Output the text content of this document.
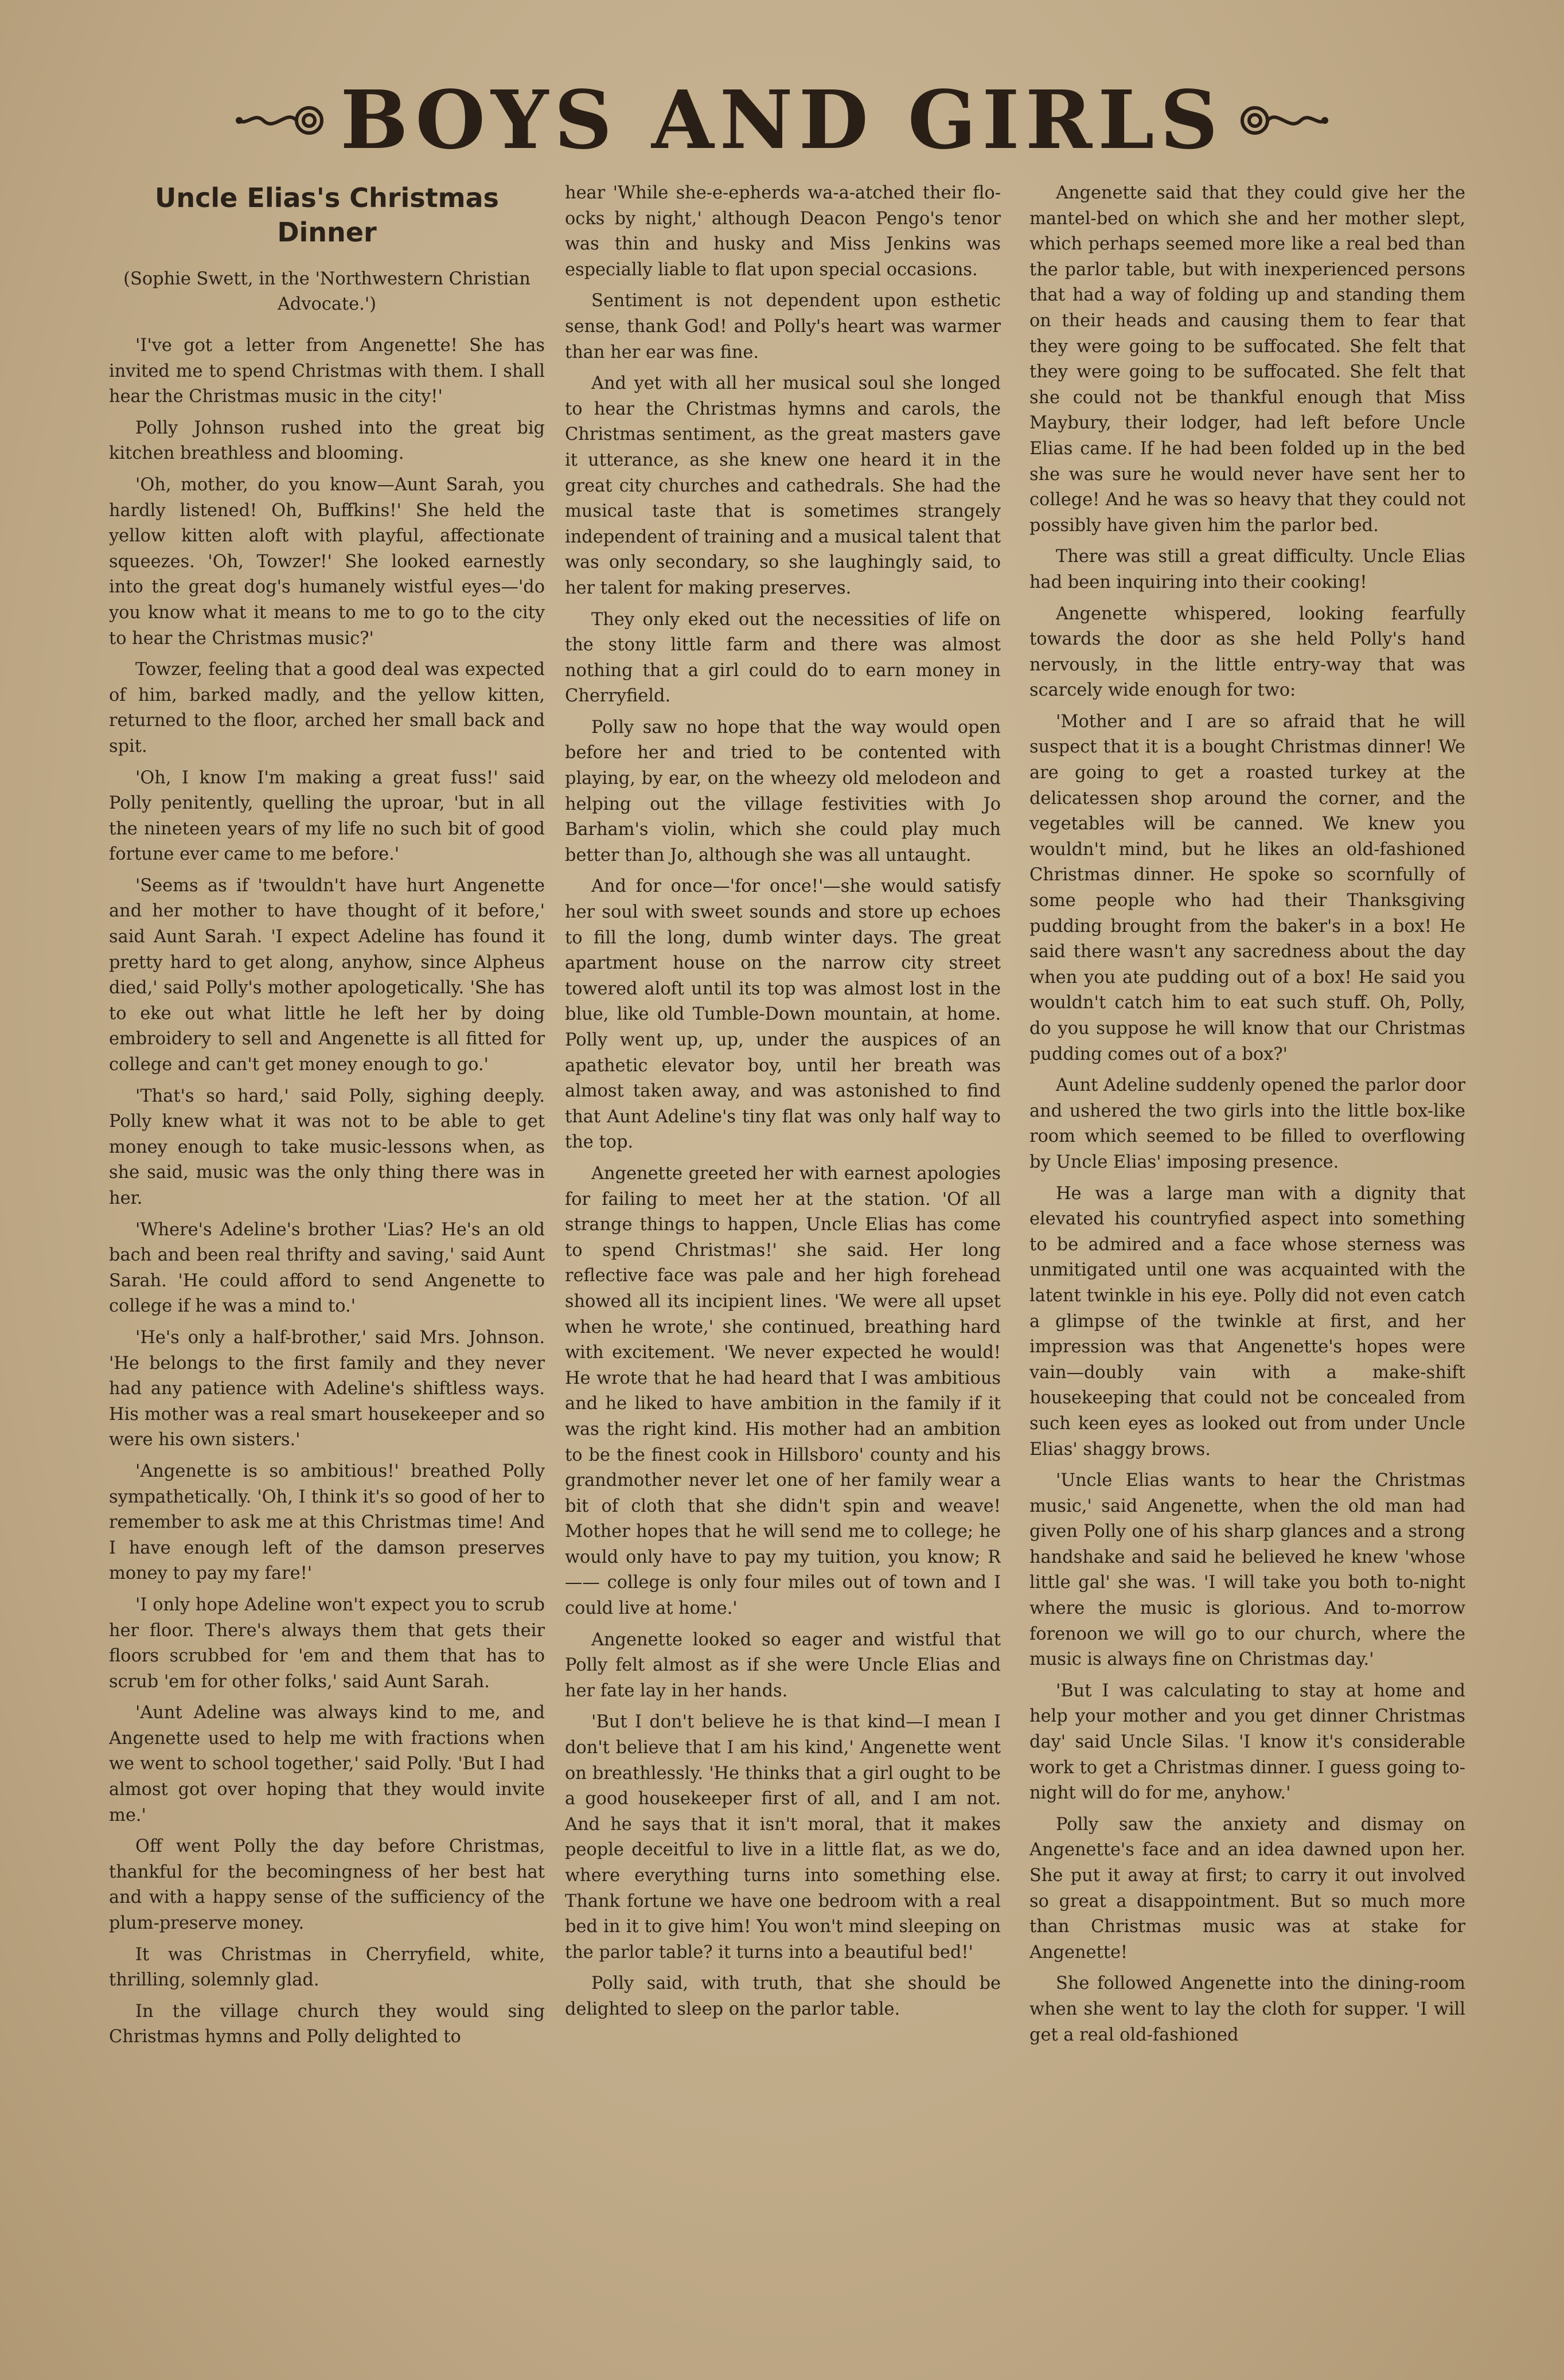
BOYS AND GIRLS
Uncle Elias's Christmas Dinner
(Sophie Swett, in the 'Northwestern Christian Advocate.')

'I've got a letter from Angenette! She has invited me to spend Christmas with them. I shall hear the Christmas music in the city!'

Polly Johnson rushed into the great big kitchen breathless and blooming.

'Oh, mother, do you know—Aunt Sarah, you hardly listened! Oh, Buffkins!' She held the yellow kitten aloft with playful, affectionate squeezes. 'Oh, Towzer!' She looked earnestly into the great dog's humanely wistful eyes—'do you know what it means to me to go to the city to hear the Christmas music?'

Towzer, feeling that a good deal was expected of him, barked madly, and the yellow kitten, returned to the floor, arched her small back and spit.

'Oh, I know I'm making a great fuss!' said Polly penitently, quelling the uproar, 'but in all the nineteen years of my life no such bit of good fortune ever came to me before.'

'Seems as if 'twouldn't have hurt Angenette and her mother to have thought of it before,' said Aunt Sarah. 'I expect Adeline has found it pretty hard to get along, anyhow, since Alpheus died,' said Polly's mother apologetically. 'She has to eke out what little he left her by doing embroidery to sell and Angenette is all fitted for college and can't get money enough to go.'

'That's so hard,' said Polly, sighing deeply. Polly knew what it was not to be able to get money enough to take music-lessons when, as she said, music was the only thing there was in her.

'Where's Adeline's brother 'Lias? He's an old bach and been real thrifty and saving,' said Aunt Sarah. 'He could afford to send Angenette to college if he was a mind to.'

'He's only a half-brother,' said Mrs. Johnson. 'He belongs to the first family and they never had any patience with Adeline's shiftless ways. His mother was a real smart housekeeper and so were his own sisters.'

'Angenette is so ambitious!' breathed Polly sympathetically. 'Oh, I think it's so good of her to remember to ask me at this Christmas time! And I have enough left of the damson preserves money to pay my fare!'

'I only hope Adeline won't expect you to scrub her floor. There's always them that gets their floors scrubbed for 'em and them that has to scrub 'em for other folks,' said Aunt Sarah.

'Aunt Adeline was always kind to me, and Angenette used to help me with fractions when we went to school together,' said Polly. 'But I had almost got over hoping that they would invite me.'

Off went Polly the day before Christmas, thankful for the becomingness of her best hat and with a happy sense of the sufficiency of the plum-preserve money.

It was Christmas in Cherryfield, white, thrilling, solemnly glad.

In the village church they would sing Christmas hymns and Polly delighted to

hear 'While she-e-epherds wa-a-atched their flo-ocks by night,' although Deacon Pengo's tenor was thin and husky and Miss Jenkins was especially liable to flat upon special occasions.

Sentiment is not dependent upon esthetic sense, thank God! and Polly's heart was warmer than her ear was fine.

And yet with all her musical soul she longed to hear the Christmas hymns and carols, the Christmas sentiment, as the great masters gave it utterance, as she knew one heard it in the great city churches and cathedrals. She had the musical taste that is sometimes strangely independent of training and a musical talent that was only secondary, so she laughingly said, to her talent for making preserves.

They only eked out the necessities of life on the stony little farm and there was almost nothing that a girl could do to earn money in Cherryfield.

Polly saw no hope that the way would open before her and tried to be contented with playing, by ear, on the wheezy old melodeon and helping out the village festivities with Jo Barham's violin, which she could play much better than Jo, although she was all untaught.

And for once—'for once!'—she would satisfy her soul with sweet sounds and store up echoes to fill the long, dumb winter days. The great apartment house on the narrow city street towered aloft until its top was almost lost in the blue, like old Tumble-Down mountain, at home. Polly went up, up, under the auspices of an apathetic elevator boy, until her breath was almost taken away, and was astonished to find that Aunt Adeline's tiny flat was only half way to the top.

Angenette greeted her with earnest apologies for failing to meet her at the station. 'Of all strange things to happen, Uncle Elias has come to spend Christmas!' she said. Her long reflective face was pale and her high forehead showed all its incipient lines. 'We were all upset when he wrote,' she continued, breathing hard with excitement. 'We never expected he would! He wrote that he had heard that I was ambitious and he liked to have ambition in the family if it was the right kind. His mother had an ambition to be the finest cook in Hillsboro' county and his grandmother never let one of her family wear a bit of cloth that she didn't spin and weave! Mother hopes that he will send me to college; he would only have to pay my tuition, you know; R—— college is only four miles out of town and I could live at home.'

Angenette looked so eager and wistful that Polly felt almost as if she were Uncle Elias and her fate lay in her hands.

'But I don't believe he is that kind—I mean I don't believe that I am his kind,' Angenette went on breathlessly. 'He thinks that a girl ought to be a good housekeeper first of all, and I am not. And he says that it isn't moral, that it makes people deceitful to live in a little flat, as we do, where everything turns into something else. Thank fortune we have one bedroom with a real bed in it to give him! You won't mind sleeping on the parlor table? it turns into a beautiful bed!'

Polly said, with truth, that she should be delighted to sleep on the parlor table.

Angenette said that they could give her the mantel-bed on which she and her mother slept, which perhaps seemed more like a real bed than the parlor table, but with inexperienced persons that had a way of folding up and standing them on their heads and causing them to fear that they were going to be suffocated. She felt that they were going to be suffocated. She felt that she could not be thankful enough that Miss Maybury, their lodger, had left before Uncle Elias came. If he had been folded up in the bed she was sure he would never have sent her to college! And he was so heavy that they could not possibly have given him the parlor bed.

There was still a great difficulty. Uncle Elias had been inquiring into their cooking!

Angenette whispered, looking fearfully towards the door as she held Polly's hand nervously, in the little entry-way that was scarcely wide enough for two:

'Mother and I are so afraid that he will suspect that it is a bought Christmas dinner! We are going to get a roasted turkey at the delicatessen shop around the corner, and the vegetables will be canned. We knew you wouldn't mind, but he likes an old-fashioned Christmas dinner. He spoke so scornfully of some people who had their Thanksgiving pudding brought from the baker's in a box! He said there wasn't any sacredness about the day when you ate pudding out of a box! He said you wouldn't catch him to eat such stuff. Oh, Polly, do you suppose he will know that our Christmas pudding comes out of a box?'

Aunt Adeline suddenly opened the parlor door and ushered the two girls into the little box-like room which seemed to be filled to overflowing by Uncle Elias' imposing presence.

He was a large man with a dignity that elevated his countryfied aspect into something to be admired and a face whose sterness was unmitigated until one was acquainted with the latent twinkle in his eye. Polly did not even catch a glimpse of the twinkle at first, and her impression was that Angenette's hopes were vain—doubly vain with a make-shift housekeeping that could not be concealed from such keen eyes as looked out from under Uncle Elias' shaggy brows.

'Uncle Elias wants to hear the Christmas music,' said Angenette, when the old man had given Polly one of his sharp glances and a strong handshake and said he believed he knew 'whose little gal' she was. 'I will take you both to-night where the music is glorious. And to-morrow forenoon we will go to our church, where the music is always fine on Christmas day.'

'But I was calculating to stay at home and help your mother and you get dinner Christmas day' said Uncle Silas. 'I know it's considerable work to get a Christmas dinner. I guess going to-night will do for me, anyhow.'

Polly saw the anxiety and dismay on Angenette's face and an idea dawned upon her. She put it away at first; to carry it out involved so great a disappointment. But so much more than Christmas music was at stake for Angenette!

She followed Angenette into the dining-room when she went to lay the cloth for supper. 'I will get a real old-fashioned
